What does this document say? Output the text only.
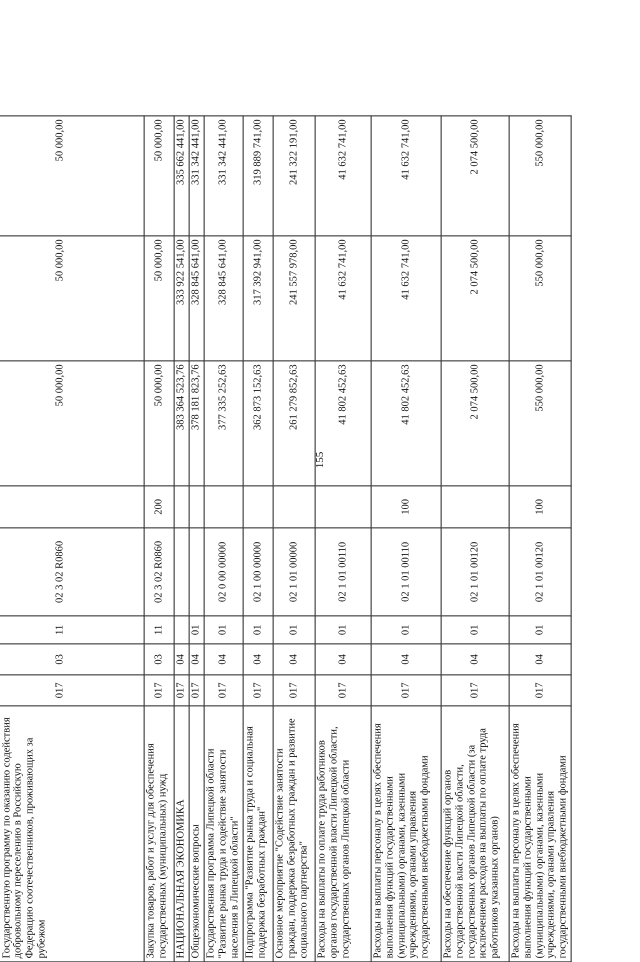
155
Государственную программу по оказанию содействия добровольному переселению в Российскую Федерацию соотечественников, проживающих за рубежом	017	03	11	02 3 02 R0860		50 000,00	50 000,00	50 000,00
Закупка товаров, работ и услуг для обеспечения государственных (муниципальных) нужд	017	03	11	02 3 02 R0860	200	50 000,00	50 000,00	50 000,00
НАЦИОНАЛЬНАЯ ЭКОНОМИКА	017	04				383 364 523,76	333 922 541,00	335 662 441,00
Общеэкономические вопросы	017	04	01			378 181 823,76	328 845 641,00	331 342 441,00
Государственная программа Липецкой области "Развитие рынка труда и содействие занятости населения в Липецкой области"	017	04	01	02 0 00 00000		377 335 252,63	328 845 641,00	331 342 441,00
Подпрограмма "Развитие рынка труда и социальная поддержка безработных граждан"	017	04	01	02 1 00 00000		362 873 152,63	317 392 941,00	319 889 741,00
Основное мероприятие "Содействие занятости граждан, поддержка безработных граждан и развитие социального партнерства"	017	04	01	02 1 01 00000		261 279 852,63	241 557 978,00	241 322 191,00
Расходы на выплаты по оплате труда работников органов государственной власти Липецкой области, государственных органов Липецкой области	017	04	01	02 1 01 00110		41 802 452,63	41 632 741,00	41 632 741,00
Расходы на выплаты персоналу в целях обеспечения выполнения функций государственными (муниципальными) органами, казенными учреждениями, органами управления государственными внебюджетными фондами	017	04	01	02 1 01 00110	100	41 802 452,63	41 632 741,00	41 632 741,00
Расходы на обеспечение функций органов государственной власти Липецкой области, государственных органов Липецкой области (за исключением расходов на выплаты по оплате труда работников указанных органов)	017	04	01	02 1 01 00120		2 074 500,00	2 074 500,00	2 074 500,00
Расходы на выплаты персоналу в целях обеспечения выполнения функций государственными (муниципальными) органами, казенными учреждениями, органами управления государственными внебюджетными фондами	017	04	01	02 1 01 00120	100	550 000,00	550 000,00	550 000,00
